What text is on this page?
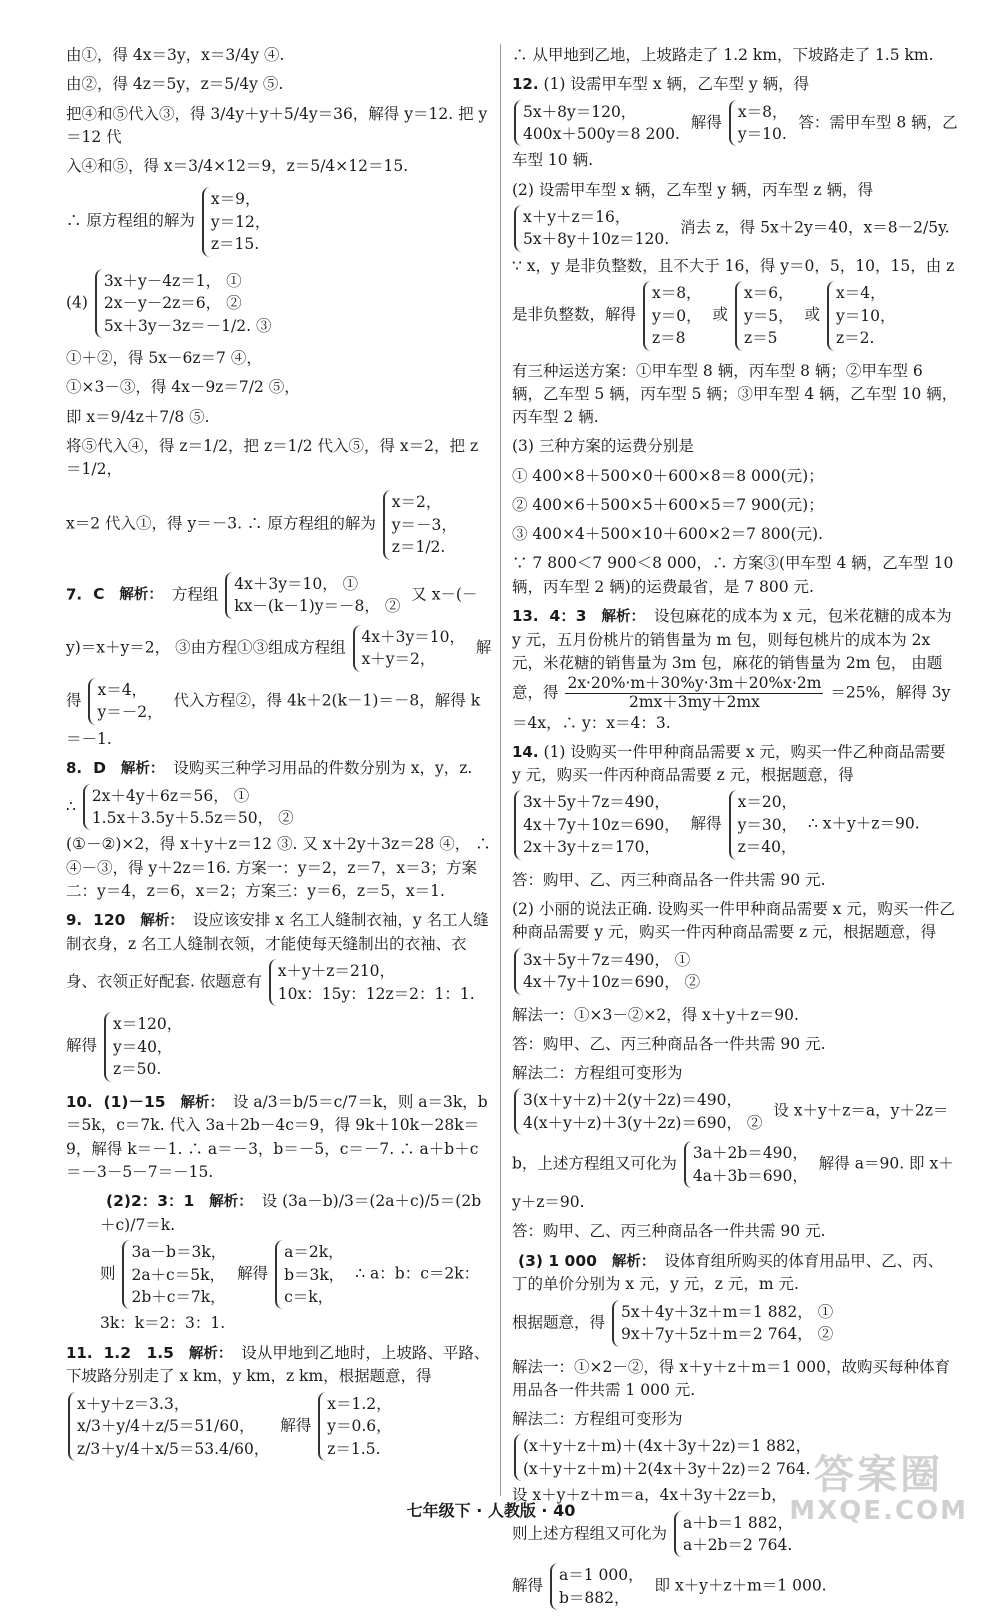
由①，得 4x＝3y，x＝3/4y ④.

由②，得 4z＝5y，z＝5/4y ⑤.

把④和⑤代入③，得 3/4y＋y＋5/4y＝36，解得 y＝12. 把 y＝12 代

入④和⑤，得 x＝3/4×12＝9，z＝5/4×12＝15.

∴ 原方程组的解为
x＝9，
y＝12，
z＝15.

(4)
3x＋y－4z＝1， ①
2x－y－2z＝6， ②
5x＋3y－3z＝－1/2. ③

①＋②，得 5x－6z＝7 ④，

①×3－③，得 4x－9z＝7/2 ⑤，

即 x＝9/4z＋7/8 ⑤.

将⑤代入④，得 z＝1/2，把 z＝1/2 代入⑤，得 x＝2，把 z＝1/2，

x＝2 代入①，得 y＝－3. ∴ 原方程组的解为
x＝2，
y＝－3，
z＝1/2.

7. C 解析： 方程组
4x＋3y＝10， ①
kx－(k－1)y＝－8， ②
又 x－(－y)＝x＋y＝2， ③由方程①③组成方程组
4x＋3y＝10，
x＋y＝2，
解得
x＝4，
y＝－2，
代入方程②，得 4k＋2(k－1)＝－8，解得 k＝－1.
8. D 解析： 设购买三种学习用品的件数分别为 x，y，z.
∴
2x＋4y＋6z＝56， ①
1.5x＋3.5y＋5.5z＝50， ②

(①－②)×2，得 x＋y＋z＝12 ③. 又 x＋2y＋3z＝28 ④， ∴ ④－③，得 y＋2z＝16. 方案一：y＝2，z＝7，x＝3；方案二：y＝4，z＝6，x＝2；方案三：y＝6，z＝5，x＝1.
9. 120 解析： 设应该安排 x 名工人缝制衣袖，y 名工人缝制衣身，z 名工人缝制衣领，才能使每天缝制出的衣袖、衣身、衣领正好配套. 依题意有
x＋y＋z＝210，
10x：15y：12z＝2：1：1.
解得
x＝120，
y＝40，
z＝50.
10. (1)－15 解析： 设 a/3＝b/5＝c/7＝k，则 a＝3k，b＝5k，c＝7k. 代入 3a＋2b－4c＝9，得 9k＋10k－28k＝9，解得 k＝－1. ∴ a＝－3，b＝－5，c＝－7. ∴ a＋b＋c＝－3－5－7＝－15.
(2)2：3：1 解析： 设 (3a－b)/3＝(2a＋c)/5＝(2b＋c)/7＝k.
则
3a－b＝3k，
2a＋c＝5k，
2b＋c＝7k，
解得
a＝2k，
b＝3k，
c＝k，
∴ a：b：c＝2k：3k：k＝2：3：1.
11. 1.2　1.5 解析： 设从甲地到乙地时，上坡路、平路、下坡路分别走了 x km，y km，z km，根据题意，得

x＋y＋z＝3.3，
x/3＋y/4＋z/5＝51/60，
z/3＋y/4＋x/5＝53.4/60，
解得
x＝1.2，
y＝0.6，
z＝1.5.

∴ 从甲地到乙地，上坡路走了 1.2 km，下坡路走了 1.5 km.

12. (1) 设需甲车型 x 辆，乙车型 y 辆，得

5x＋8y＝120，
400x＋500y＝8 200.
解得
x＝8，
y＝10.
答：需甲车型 8 辆，乙车型 10 辆.
(2) 设需甲车型 x 辆，乙车型 y 辆，丙车型 z 辆，得

x＋y＋z＝16，
5x＋8y＋10z＝120.
消去 z，得 5x＋2y＝40，x＝8－2/5y.
∵ x，y 是非负整数，且不大于 16，得 y＝0，5，10，15，由 z 是非负整数，解得
x＝8，
y＝0，
z＝8
或
x＝6，
y＝5，
z＝5
或
x＝4，
y＝10，
z＝2.

有三种运送方案：①甲车型 8 辆，丙车型 8 辆；②甲车型 6 辆，乙车型 5 辆，丙车型 5 辆；③甲车型 4 辆，乙车型 10 辆，丙车型 2 辆.

(3) 三种方案的运费分别是

① 400×8＋500×0＋600×8＝8 000(元)；

② 400×6＋500×5＋600×5＝7 900(元)；

③ 400×4＋500×10＋600×2＝7 800(元).

∵ 7 800＜7 900＜8 000，∴ 方案③(甲车型 4 辆，乙车型 10 辆，丙车型 2 辆)的运费最省，是 7 800 元.

13. 4：3 解析： 设包麻花的成本为 x 元，包米花糖的成本为 y 元，五月份桃片的销售量为 m 包，则每包桃片的成本为 2x 元，米花糖的销售量为 3m 包，麻花的销售量为 2m 包， 由题意，得 $\frac{2x\cdot 20\%\cdot m+30\%y\cdot 3m+20\%x\cdot 2m}{2mx+3my+2mx} =25\%$，解得 3y＝4x，∴ y：x＝4：3.
14. (1) 设购买一件甲种商品需要 x 元，购买一件乙种商品需要 y 元，购买一件丙种商品需要 z 元，根据题意，得

3x＋5y＋7z＝490，
4x＋7y＋10z＝690，
2x＋3y＋z＝170，
解得
x＝20，
y＝30，
z＝40，
∴ x＋y＋z＝90.

答：购甲、乙、丙三种商品各一件共需 90 元.

(2) 小丽的说法正确. 设购买一件甲种商品需要 x 元，购买一件乙种商品需要 y 元，购买一件丙种商品需要 z 元，根据题意，得
3x＋5y＋7z＝490， ①
4x＋7y＋10z＝690， ②

解法一：①×3－②×2，得 x＋y＋z＝90.

答：购甲、乙、丙三种商品各一件共需 90 元.

解法二：方程组可变形为

3(x＋y＋z)＋2(y＋2z)＝490，
4(x＋y＋z)＋3(y＋2z)＝690， ②
设 x＋y＋z＝a，y＋2z＝b，上述方程组又可化为
3a＋2b＝490，
4a＋3b＝690，
解得 a＝90. 即 x＋y＋z＝90.

答：购甲、乙、丙三种商品各一件共需 90 元.

(3) 1 000 解析： 设体育组所购买的体育用品甲、乙、丙、丁的单价分别为 x 元，y 元，z 元，m 元.
根据题意，得
5x＋4y＋3z＋m＝1 882， ①
9x＋7y＋5z＋m＝2 764， ②

解法一：①×2－②，得 x＋y＋z＋m＝1 000，故购买每种体育用品各一件共需 1 000 元.

解法二：方程组可变形为

(x＋y＋z＋m)＋(4x＋3y＋2z)＝1 882，
(x＋y＋z＋m)＋2(4x＋3y＋2z)＝2 764.

设 x＋y＋z＋m＝a，4x＋3y＋2z＝b，
则上述方程组又可化为
a＋b＝1 882，
a＋2b＝2 764.

解得
a＝1 000，
b＝882，
即 x＋y＋z＋m＝1 000.
七年级下 · 人教版 · 40
答案圈
MXQE.COM
